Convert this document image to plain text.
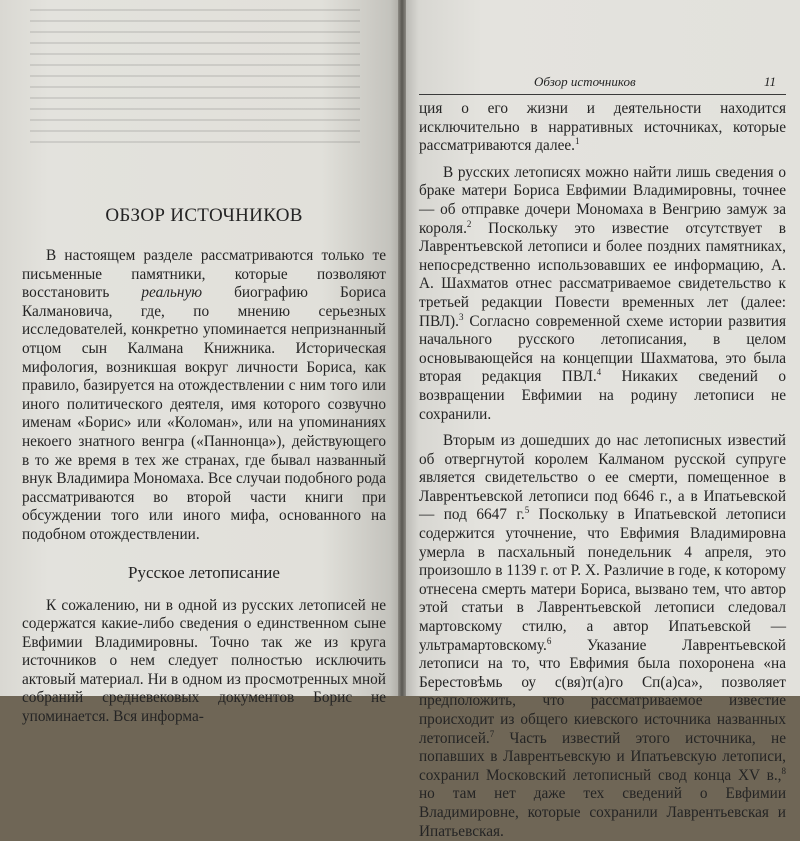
ОБЗОР ИСТОЧНИКОВ

В настоящем разделе рассматриваются только те письменные памятники, которые позволяют восстановить реальную биографию Бориса Калмановича, где, по мнению серьезных исследователей, конкретно упоминается непризнанный отцом сын Калмана Книжника. Историческая мифология, возникшая вокруг личности Бориса, как правило, базируется на отождествлении с ним того или иного политического деятеля, имя которого созвучно именам «Борис» или «Коломан», или на упоминаниях некоего знатного венгра («Паннонца»), действующего в то же время в тех же странах, где бывал названный внук Владимира Мономаха. Все случаи подобного рода рассматриваются во второй части книги при обсуждении того или иного мифа, основанного на подобном отождествлении.

Русское летописание

К сожалению, ни в одной из русских летописей не содержатся какие-либо сведения о единственном сыне Евфимии Владимировны. Точно так же из круга источников о нем следует полностью исключить актовый материал. Ни в одном из просмотренных мной собраний средневековых документов Борис не упоминается. Вся информа-

Обзор источников	11

ция о его жизни и деятельности находится исключительно в нарративных источниках, которые рассматриваются далее.$^1$

В русских летописях можно найти лишь сведения о браке матери Бориса Евфимии Владимировны, точнее — об отправке дочери Мономаха в Венгрию замуж за короля.$^2$ Поскольку это известие отсутствует в Лаврентьевской летописи и более поздних памятниках, непосредственно использовавших ее информацию, А. А. Шахматов отнес рассматриваемое свидетельство к третьей редакции Повести временных лет (далее: ПВЛ).$^3$ Согласно современной схеме истории развития начального русского летописания, в целом основывающейся на концепции Шахматова, это была вторая редакция ПВЛ.$^4$ Никаких сведений о возвращении Евфимии на родину летописи не сохранили.

Вторым из дошедших до нас летописных известий об отвергнутой королем Калманом русской супруге является свидетельство о ее смерти, помещенное в Лаврентьевской летописи под 6646 г., а в Ипатьевской — под 6647 г.$^5$ Поскольку в Ипатьевской летописи содержится уточнение, что Евфимия Владимировна умерла в пасхальный понедельник 4 апреля, это произошло в 1139 г. от Р. Х. Различие в годе, к которому отнесена смерть матери Бориса, вызвано тем, что автор этой статьи в Лаврентьевской летописи следовал мартовскому стилю, а автор Ипатьевской — ультрамартовскому.$^6$ Указание Лаврентьевской летописи на то, что Евфимия была похоронена «на Берестовѣмь оу с(вя)т(а)го Сп(а)са», позволяет предположить, что рассматриваемое известие происходит из общего киевского источника названных летописей.$^7$ Часть известий этого источника, не попавших в Лаврентьевскую и Ипатьевскую летописи, сохранил Московский летописный свод конца XV в.,$^8$ но там нет даже тех сведений о Евфимии Владимировне, которые сохранили Лаврентьевская и Ипатьевская.
